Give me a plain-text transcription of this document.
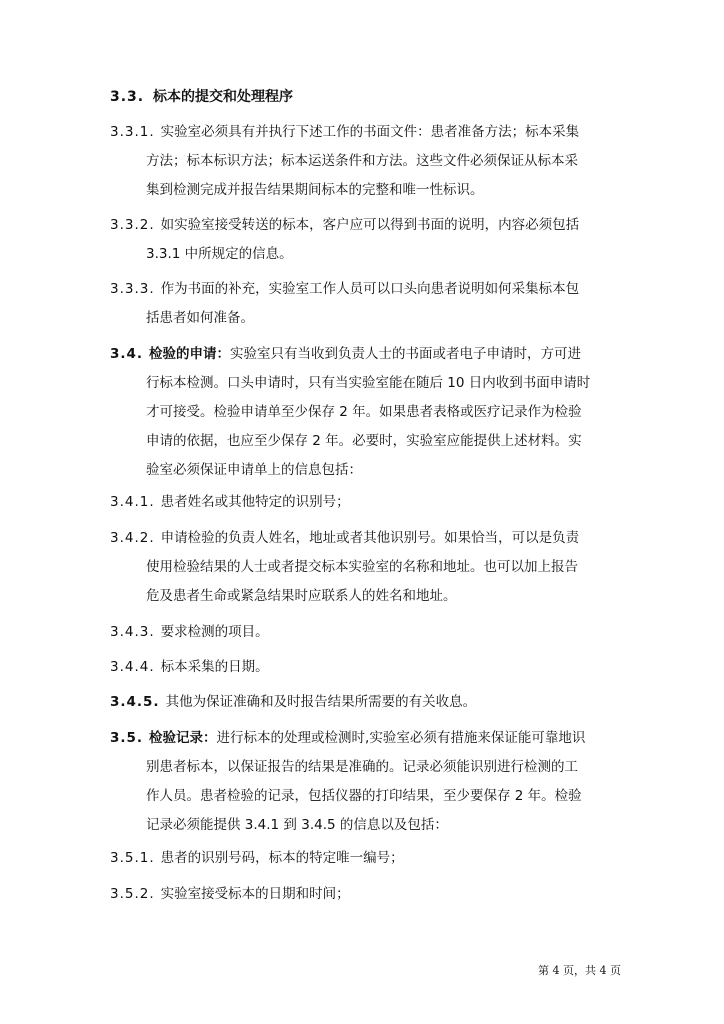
3.3. 标本的提交和处理程序
3.3.1. 实验室必须具有并执行下述工作的书面文件：患者准备方法；标本采集
方法；标本标识方法；标本运送条件和方法。这些文件必须保证从标本采
集到检测完成并报告结果期间标本的完整和唯一性标识。
3.3.2. 如实验室接受转送的标本，客户应可以得到书面的说明，内容必须包括
3.3.1 中所规定的信息。
3.3.3. 作为书面的补充，实验室工作人员可以口头向患者说明如何采集标本包
括患者如何准备。
3.4. 检验的申请：实验室只有当收到负责人士的书面或者电子申请时，方可进
行标本检测。口头申请时，只有当实验室能在随后 10 日内收到书面申请时
才可接受。检验申请单至少保存 2 年。如果患者表格或医疗记录作为检验
申请的依据，也应至少保存 2 年。必要时，实验室应能提供上述材料。实
验室必须保证申请单上的信息包括：
3.4.1. 患者姓名或其他特定的识别号；
3.4.2. 申请检验的负责人姓名，地址或者其他识别号。如果恰当，可以是负责
使用检验结果的人士或者提交标本实验室的名称和地址。也可以加上报告
危及患者生命或紧急结果时应联系人的姓名和地址。
3.4.3. 要求检测的项目。
3.4.4. 标本采集的日期。
3.4.5. 其他为保证准确和及时报告结果所需要的有关收息。
3.5. 检验记录：进行标本的处理或检测时,实验室必须有措施来保证能可靠地识
别患者标本，以保证报告的结果是准确的。记录必须能识别进行检测的工
作人员。患者检验的记录，包括仪器的打印结果，至少要保存 2 年。检验
记录必须能提供 3.4.1 到 3.4.5 的信息以及包括：
3.5.1. 患者的识别号码，标本的特定唯一编号；
3.5.2. 实验室接受标本的日期和时间；
第 4 页，共 4 页
